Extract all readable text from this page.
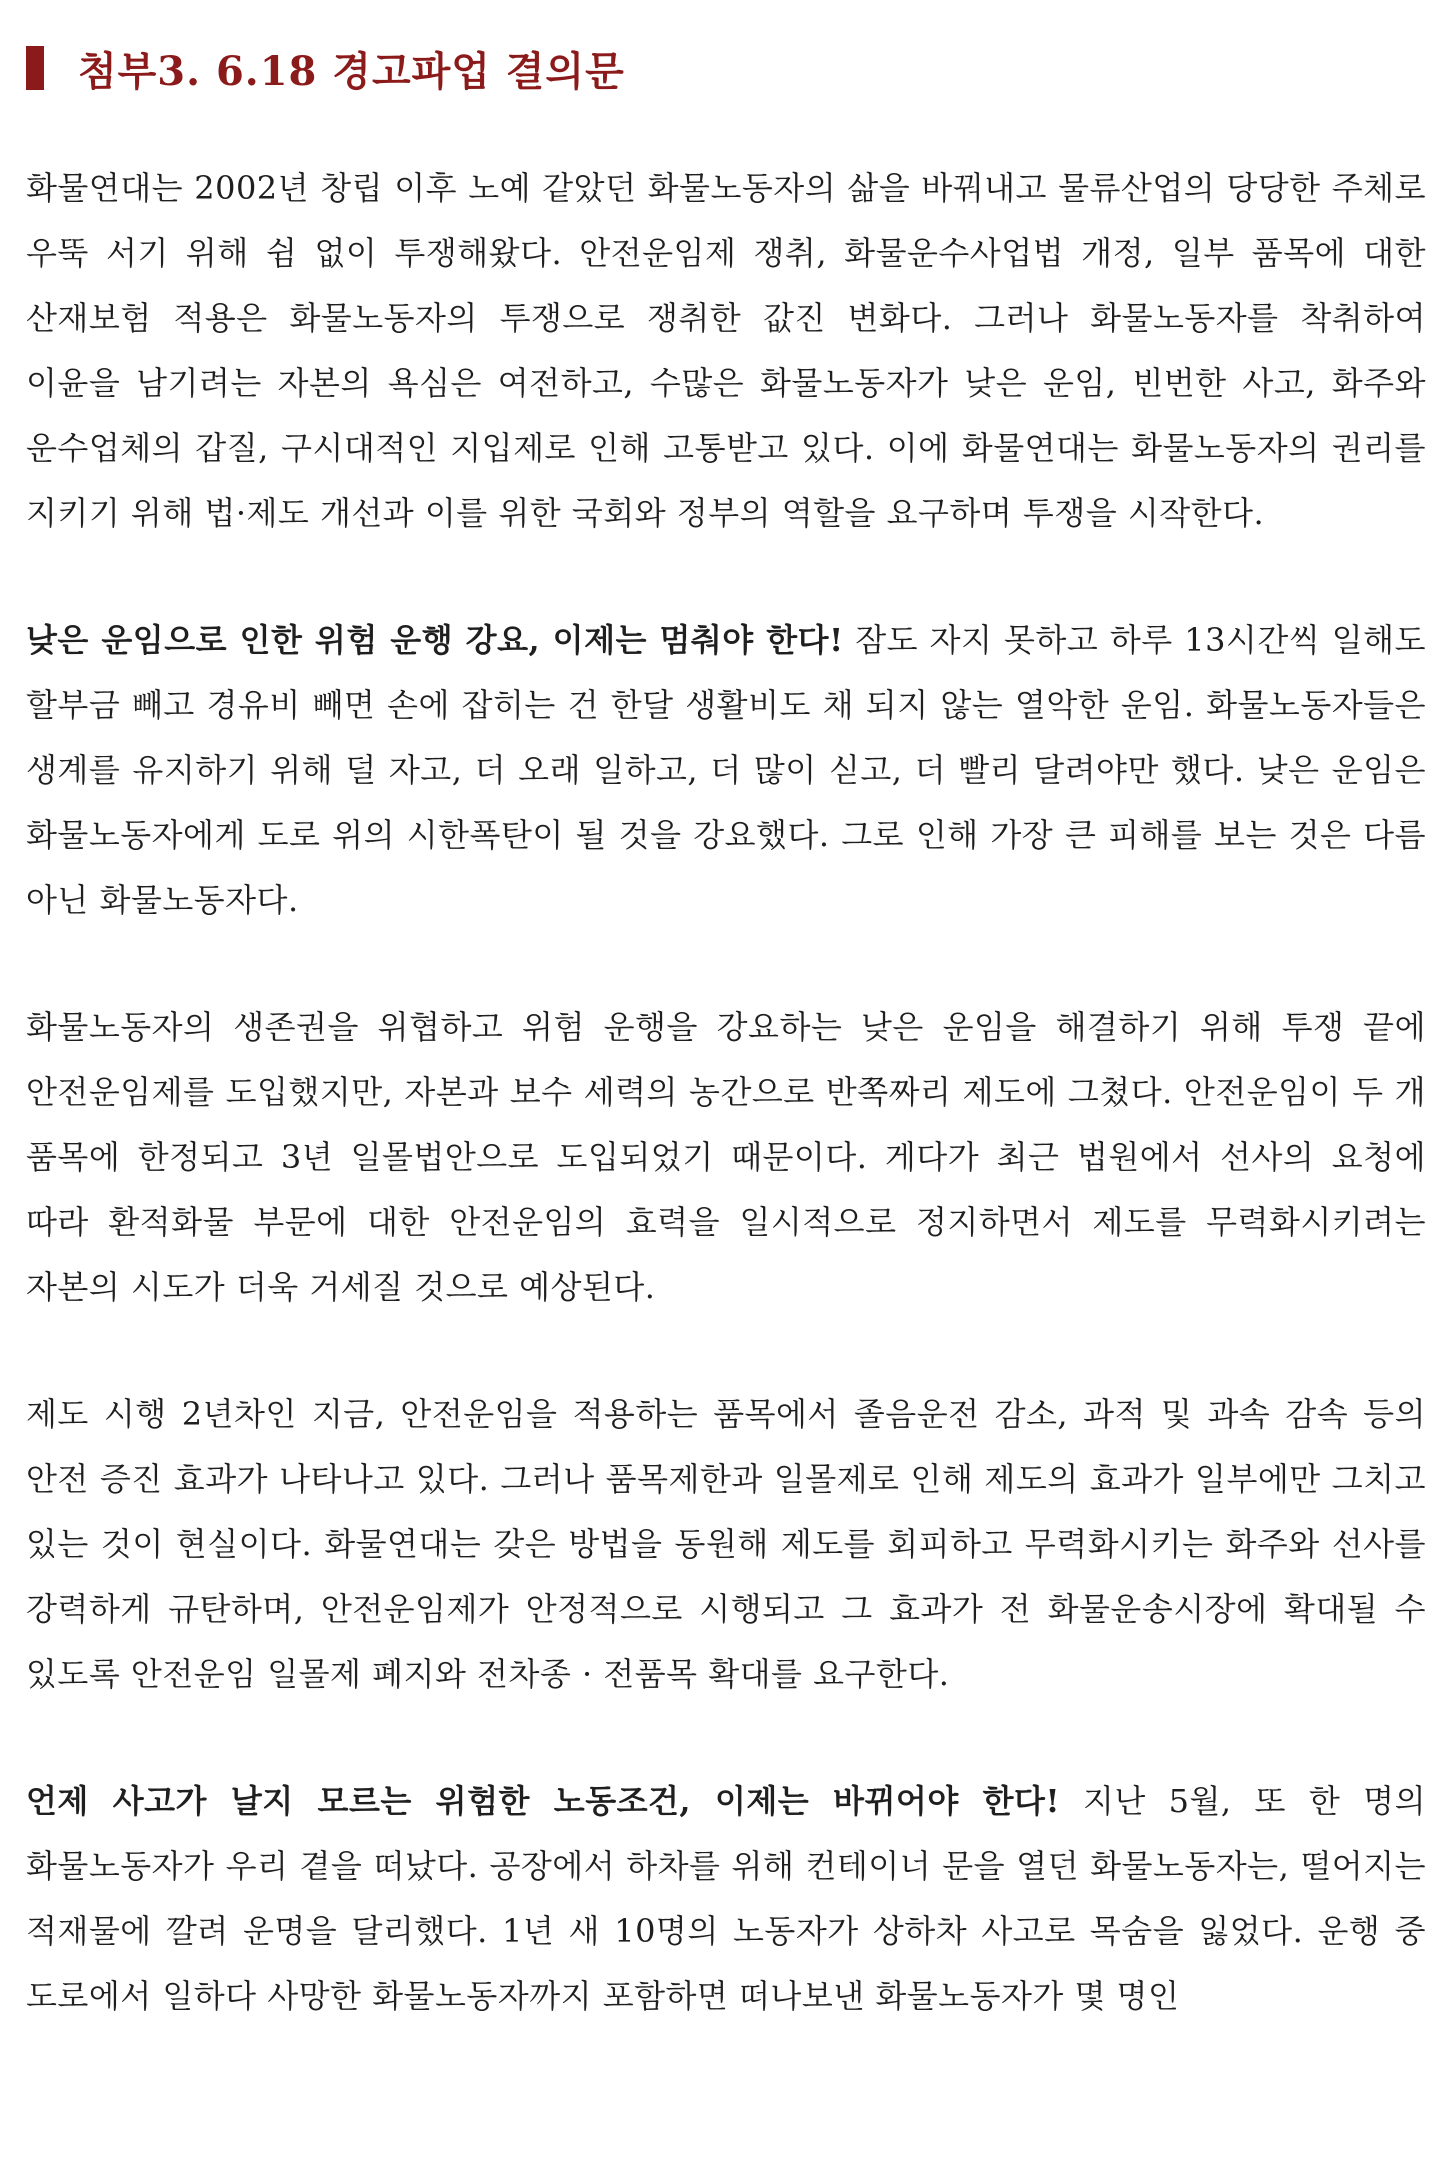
첨부3. 6.18 경고파업 결의문

화물연대는 2002년 창립 이후 노예 같았던 화물노동자의 삶을 바꿔내고 물류산업의 당당한 주체로 우뚝 서기 위해 쉼 없이 투쟁해왔다. 안전운임제 쟁취, 화물운수사업법 개정, 일부 품목에 대한 산재보험 적용은 화물노동자의 투쟁으로 쟁취한 값진 변화다. 그러나 화물노동자를 착취하여 이윤을 남기려는 자본의 욕심은 여전하고, 수많은 화물노동자가 낮은 운임, 빈번한 사고, 화주와 운수업체의 갑질, 구시대적인 지입제로 인해 고통받고 있다. 이에 화물연대는 화물노동자의 권리를 지키기 위해 법·제도 개선과 이를 위한 국회와 정부의 역할을 요구하며 투쟁을 시작한다.

낮은 운임으로 인한 위험 운행 강요, 이제는 멈춰야 한다! 잠도 자지 못하고 하루 13시간씩 일해도 할부금 빼고 경유비 빼면 손에 잡히는 건 한달 생활비도 채 되지 않는 열악한 운임. 화물노동자들은 생계를 유지하기 위해 덜 자고, 더 오래 일하고, 더 많이 싣고, 더 빨리 달려야만 했다. 낮은 운임은 화물노동자에게 도로 위의 시한폭탄이 될 것을 강요했다. 그로 인해 가장 큰 피해를 보는 것은 다름 아닌 화물노동자다.

화물노동자의 생존권을 위협하고 위험 운행을 강요하는 낮은 운임을 해결하기 위해 투쟁 끝에 안전운임제를 도입했지만, 자본과 보수 세력의 농간으로 반쪽짜리 제도에 그쳤다. 안전운임이 두 개 품목에 한정되고 3년 일몰법안으로 도입되었기 때문이다. 게다가 최근 법원에서 선사의 요청에 따라 환적화물 부문에 대한 안전운임의 효력을 일시적으로 정지하면서 제도를 무력화시키려는 자본의 시도가 더욱 거세질 것으로 예상된다.

제도 시행 2년차인 지금, 안전운임을 적용하는 품목에서 졸음운전 감소, 과적 및 과속 감속 등의 안전 증진 효과가 나타나고 있다. 그러나 품목제한과 일몰제로 인해 제도의 효과가 일부에만 그치고 있는 것이 현실이다. 화물연대는 갖은 방법을 동원해 제도를 회피하고 무력화시키는 화주와 선사를 강력하게 규탄하며, 안전운임제가 안정적으로 시행되고 그 효과가 전 화물운송시장에 확대될 수 있도록 안전운임 일몰제 폐지와 전차종 · 전품목 확대를 요구한다.

언제 사고가 날지 모르는 위험한 노동조건, 이제는 바뀌어야 한다! 지난 5월, 또 한 명의 화물노동자가 우리 곁을 떠났다. 공장에서 하차를 위해 컨테이너 문을 열던 화물노동자는, 떨어지는 적재물에 깔려 운명을 달리했다. 1년 새 10명의 노동자가 상하차 사고로 목숨을 잃었다. 운행 중 도로에서 일하다 사망한 화물노동자까지 포함하면 떠나보낸 화물노동자가 몇 명인
